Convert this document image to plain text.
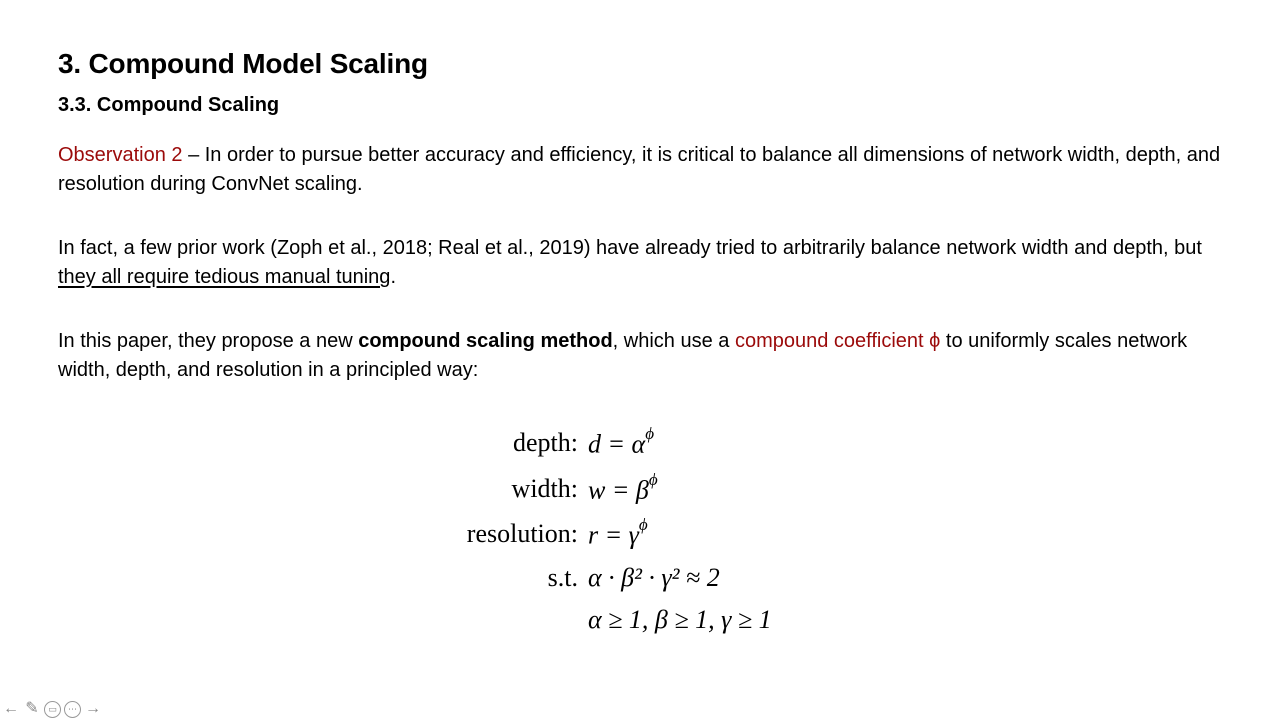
3. Compound Model Scaling
3.3. Compound Scaling
Observation 2 – In order to pursue better accuracy and efficiency, it is critical to balance all dimensions of network width, depth, and resolution during ConvNet scaling.
In fact, a few prior work (Zoph et al., 2018; Real et al., 2019) have already tried to arbitrarily balance network width and depth, but they all require tedious manual tuning.
In this paper, they propose a new compound scaling method, which use a compound coefficient ϕ to uniformly scales network width, depth, and resolution in a principled way:
depth: $d = \alpha^\phi$
width: $w = \beta^\phi$
resolution: $r = \gamma^\phi$
s.t. α · β² · γ² ≈ 2
α ≥ 1, β ≥ 1, γ ≥ 1
← ✎	▭	⋯ →
